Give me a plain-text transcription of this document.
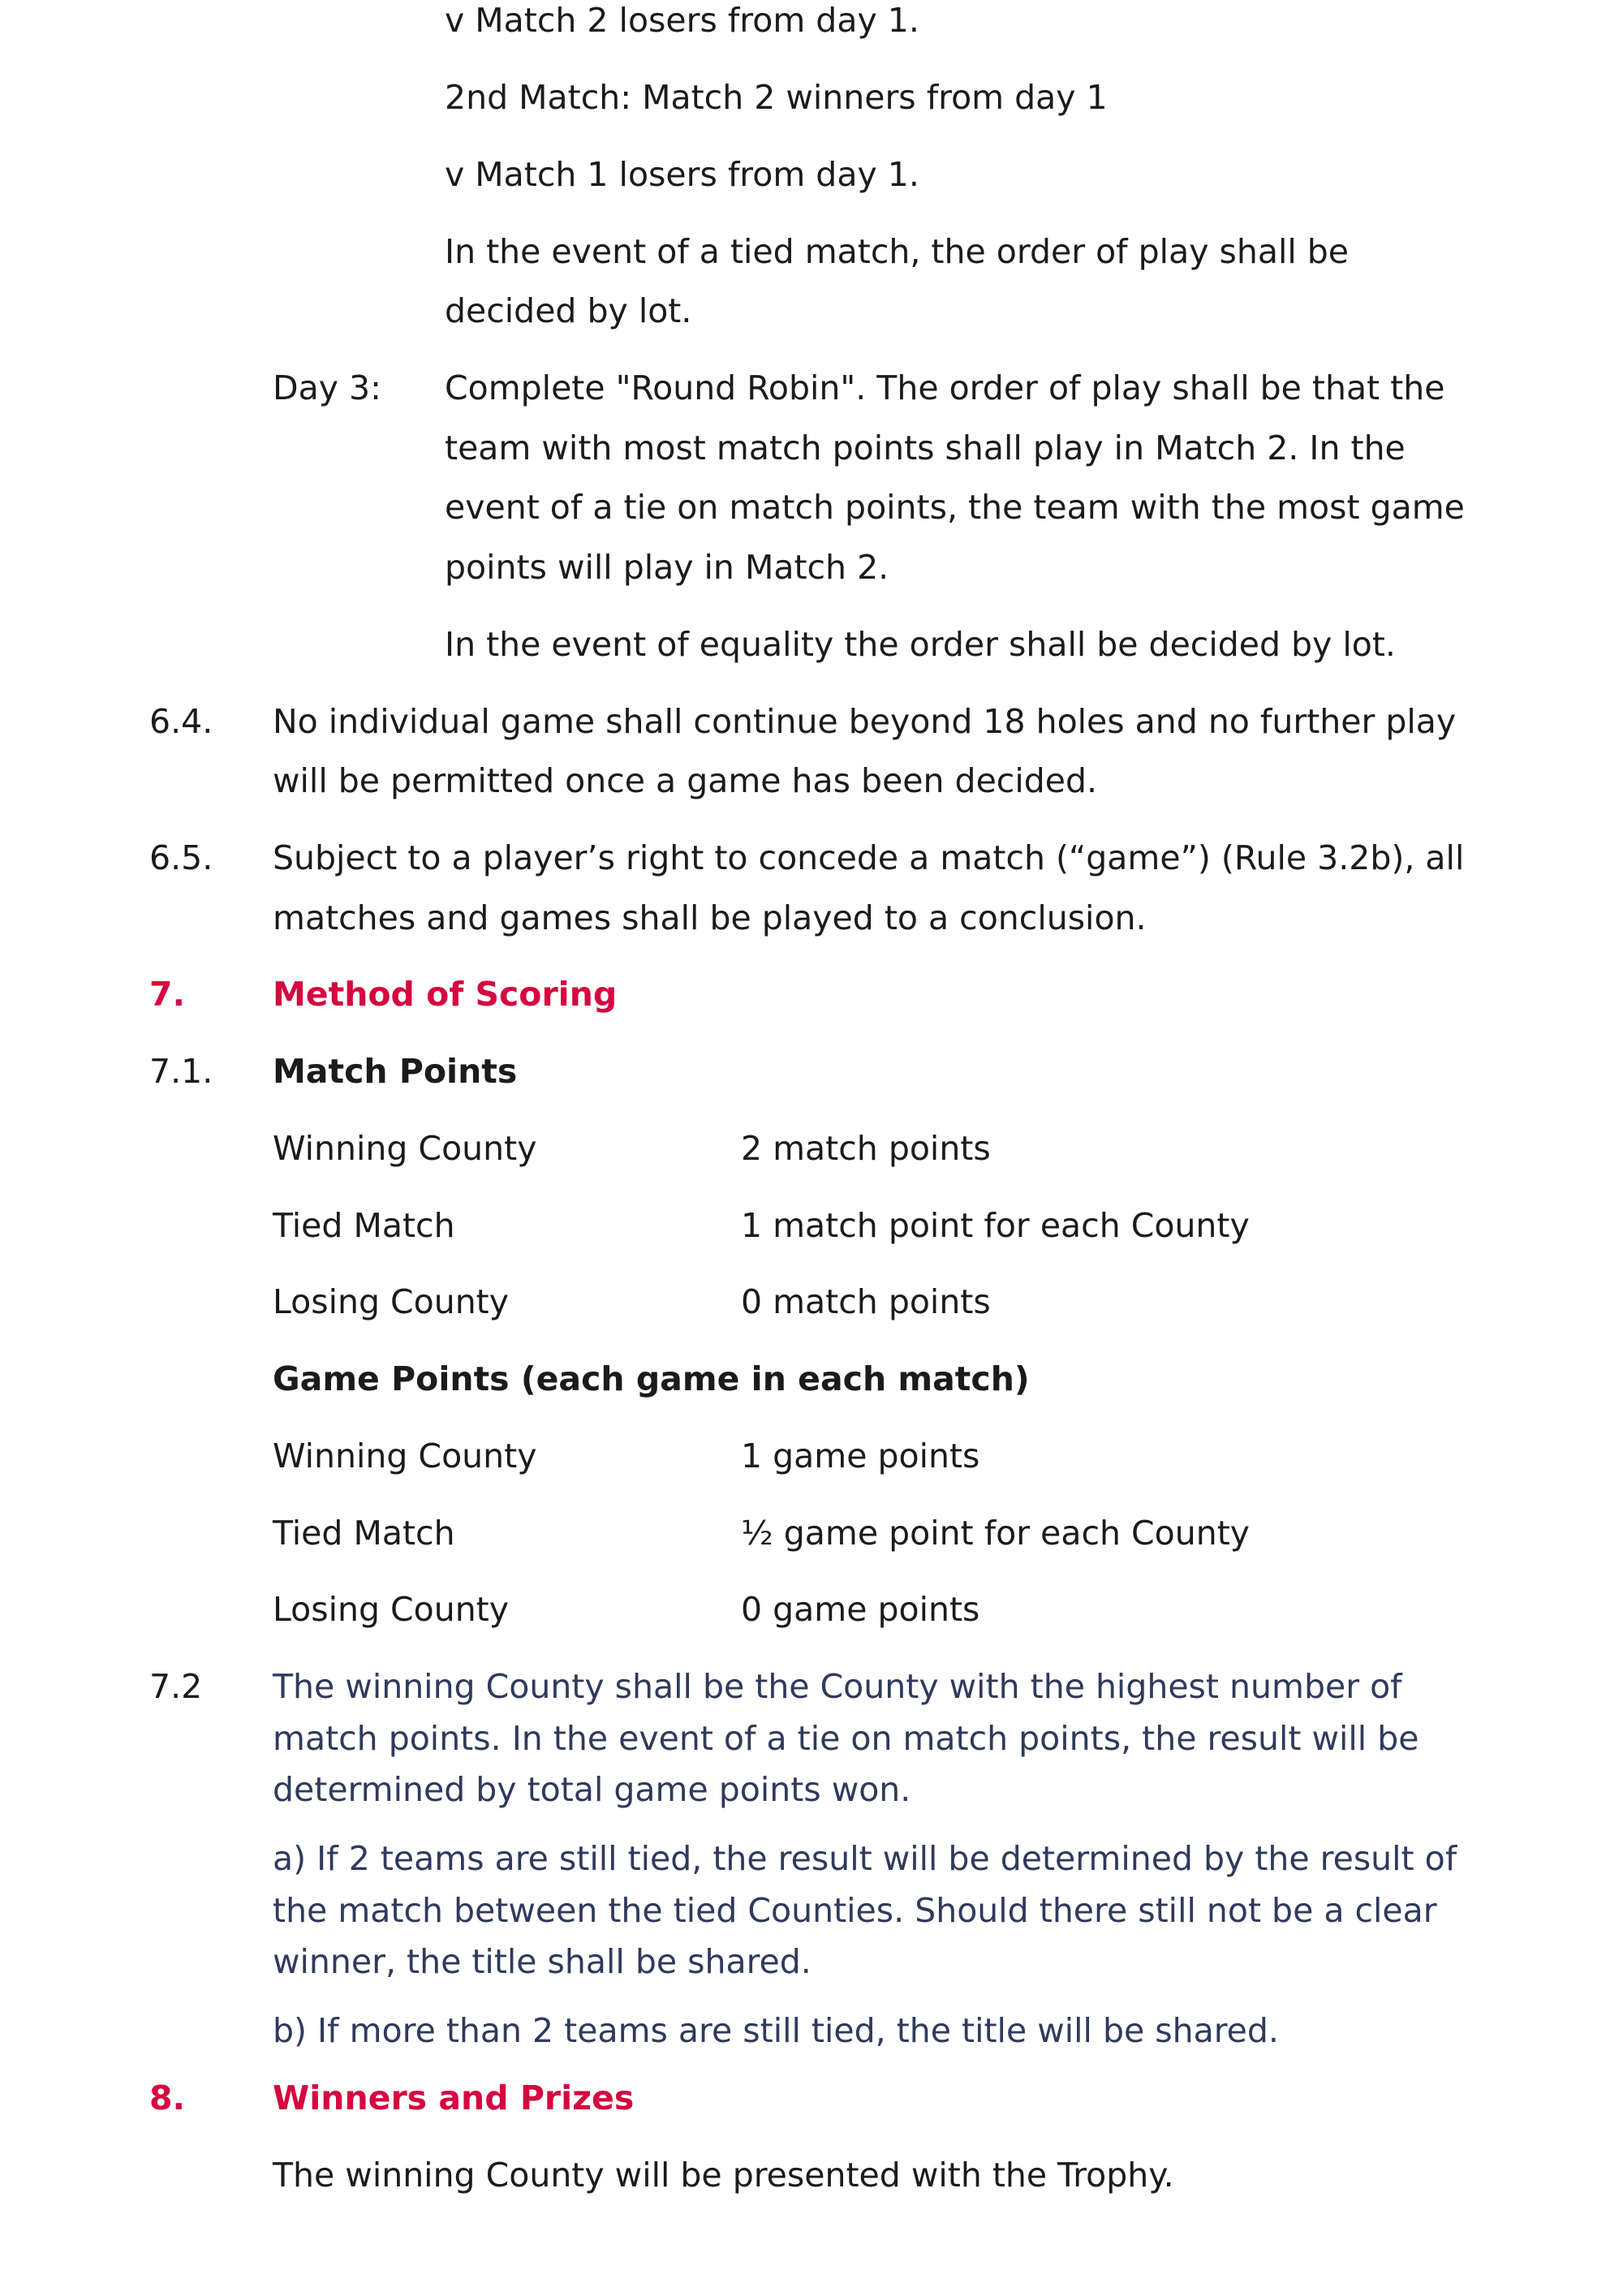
v Match 2 losers from day 1.
2nd Match: Match 2 winners from day 1
v Match 1 losers from day 1.
In the event of a tied match, the order of play shall be
decided by lot.
Day 3: Complete "Round Robin". The order of play shall be that the
team with most match points shall play in Match 2. In the
event of a tie on match points, the team with the most game
points will play in Match 2.
In the event of equality the order shall be decided by lot.
6.4. No individual game shall continue beyond 18 holes and no further play
will be permitted once a game has been decided.
6.5. Subject to a player’s right to concede a match (“game”) (Rule 3.2b), all
matches and games shall be played to a conclusion.
7.	Method of Scoring
7.1. Match Points
Winning County	2 match points
Tied Match	1 match point for each County
Losing County	0 match points
Game Points (each game in each match)
Winning County	1 game points
Tied Match	½ game point for each County
Losing County	0 game points
7.2 The winning County shall be the County with the highest number of
match points. In the event of a tie on match points, the result will be
determined by total game points won.
a) If 2 teams are still tied, the result will be determined by the result of
the match between the tied Counties. Should there still not be a clear
winner, the title shall be shared.
b) If more than 2 teams are still tied, the title will be shared.
8.	Winners and Prizes
The winning County will be presented with the Trophy.
